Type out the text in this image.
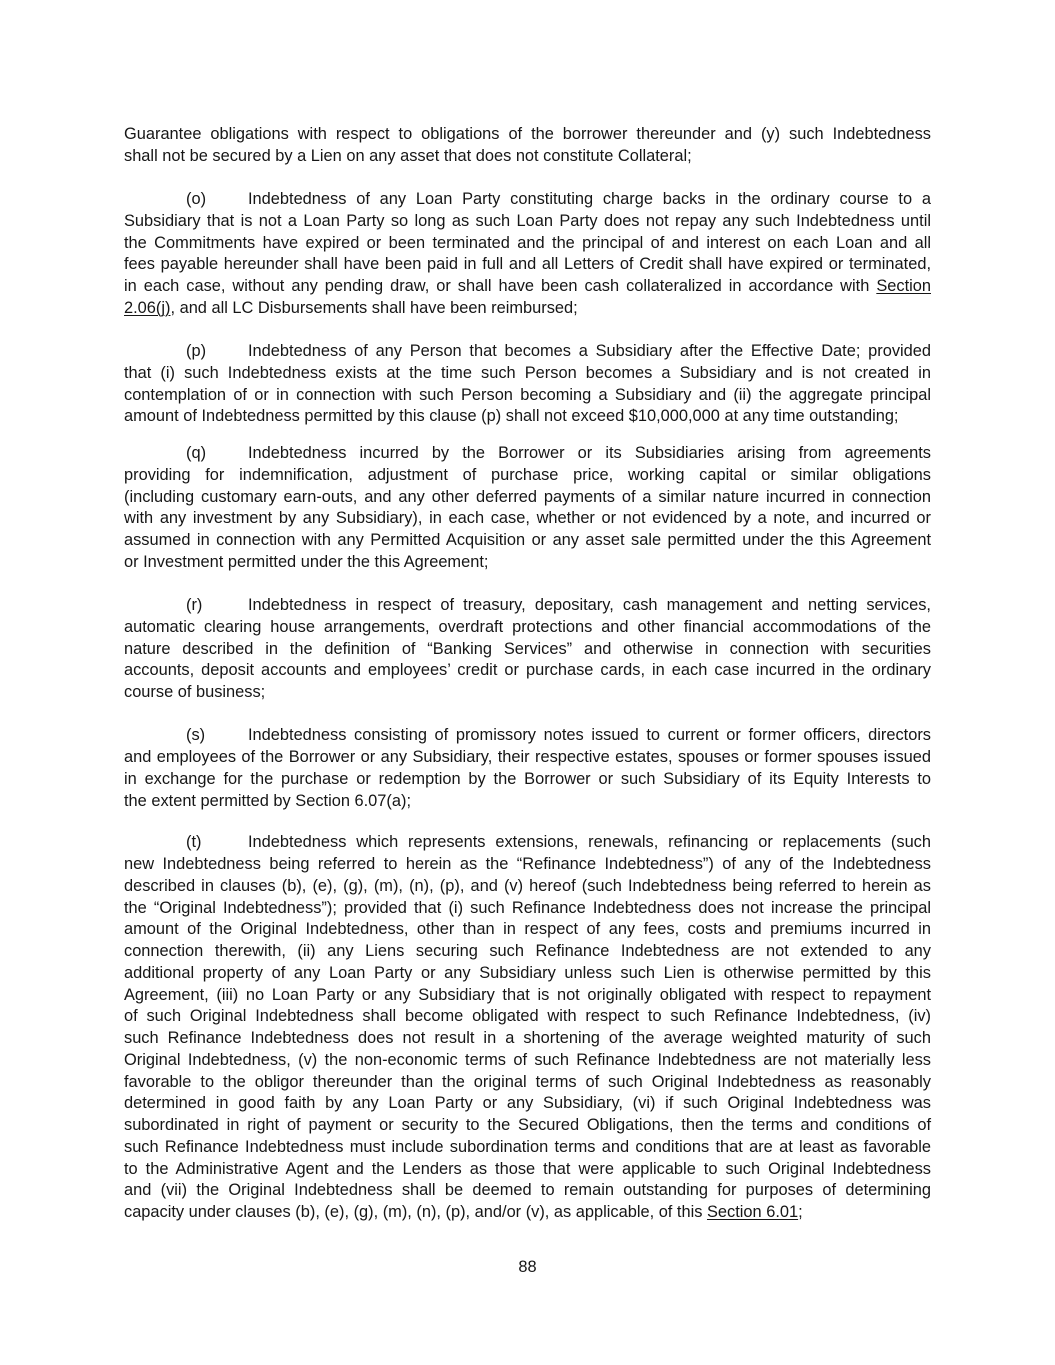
Guarantee obligations with respect to obligations of the borrower thereunder and (y) such Indebtedness
shall not be secured by a Lien on any asset that does not constitute Collateral;
(o)	Indebtedness of any Loan Party constituting charge backs in the ordinary course to a
Subsidiary that is not a Loan Party so long as such Loan Party does not repay any such Indebtedness until
the Commitments have expired or been terminated and the principal of and interest on each Loan and all
fees payable hereunder shall have been paid in full and all Letters of Credit shall have expired or terminated,
in each case, without any pending draw, or shall have been cash collateralized in accordance with Section
2.06(j), and all LC Disbursements shall have been reimbursed;
(p)	Indebtedness of any Person that becomes a Subsidiary after the Effective Date; provided
that (i) such Indebtedness exists at the time such Person becomes a Subsidiary and is not created in
contemplation of or in connection with such Person becoming a Subsidiary and (ii) the aggregate principal
amount of Indebtedness permitted by this clause (p) shall not exceed $10,000,000 at any time outstanding;
(q)	Indebtedness incurred by the Borrower or its Subsidiaries arising from agreements
providing for indemnification, adjustment of purchase price, working capital or similar obligations
(including customary earn-outs, and any other deferred payments of a similar nature incurred in connection
with any investment by any Subsidiary), in each case, whether or not evidenced by a note, and incurred or
assumed in connection with any Permitted Acquisition or any asset sale permitted under the this Agreement
or Investment permitted under the this Agreement;
(r)	Indebtedness in respect of treasury, depositary, cash management and netting services,
automatic clearing house arrangements, overdraft protections and other financial accommodations of the
nature described in the definition of “Banking Services” and otherwise in connection with securities
accounts, deposit accounts and employees’ credit or purchase cards, in each case incurred in the ordinary
course of business;
(s)	Indebtedness consisting of promissory notes issued to current or former officers, directors
and employees of the Borrower or any Subsidiary, their respective estates, spouses or former spouses issued
in exchange for the purchase or redemption by the Borrower or such Subsidiary of its Equity Interests to
the extent permitted by Section 6.07(a);
(t)	Indebtedness which represents extensions, renewals, refinancing or replacements (such
new Indebtedness being referred to herein as the “Refinance Indebtedness”) of any of the Indebtedness
described in clauses (b), (e), (g), (m), (n), (p), and (v) hereof (such Indebtedness being referred to herein as
the “Original Indebtedness”); provided that (i) such Refinance Indebtedness does not increase the principal
amount of the Original Indebtedness, other than in respect of any fees, costs and premiums incurred in
connection therewith, (ii) any Liens securing such Refinance Indebtedness are not extended to any
additional property of any Loan Party or any Subsidiary unless such Lien is otherwise permitted by this
Agreement, (iii) no Loan Party or any Subsidiary that is not originally obligated with respect to repayment
of such Original Indebtedness shall become obligated with respect to such Refinance Indebtedness, (iv)
such Refinance Indebtedness does not result in a shortening of the average weighted maturity of such
Original Indebtedness, (v) the non-economic terms of such Refinance Indebtedness are not materially less
favorable to the obligor thereunder than the original terms of such Original Indebtedness as reasonably
determined in good faith by any Loan Party or any Subsidiary, (vi) if such Original Indebtedness was
subordinated in right of payment or security to the Secured Obligations, then the terms and conditions of
such Refinance Indebtedness must include subordination terms and conditions that are at least as favorable
to the Administrative Agent and the Lenders as those that were applicable to such Original Indebtedness
and (vii) the Original Indebtedness shall be deemed to remain outstanding for purposes of determining
capacity under clauses (b), (e), (g), (m), (n), (p), and/or (v), as applicable, of this Section 6.01;
88
